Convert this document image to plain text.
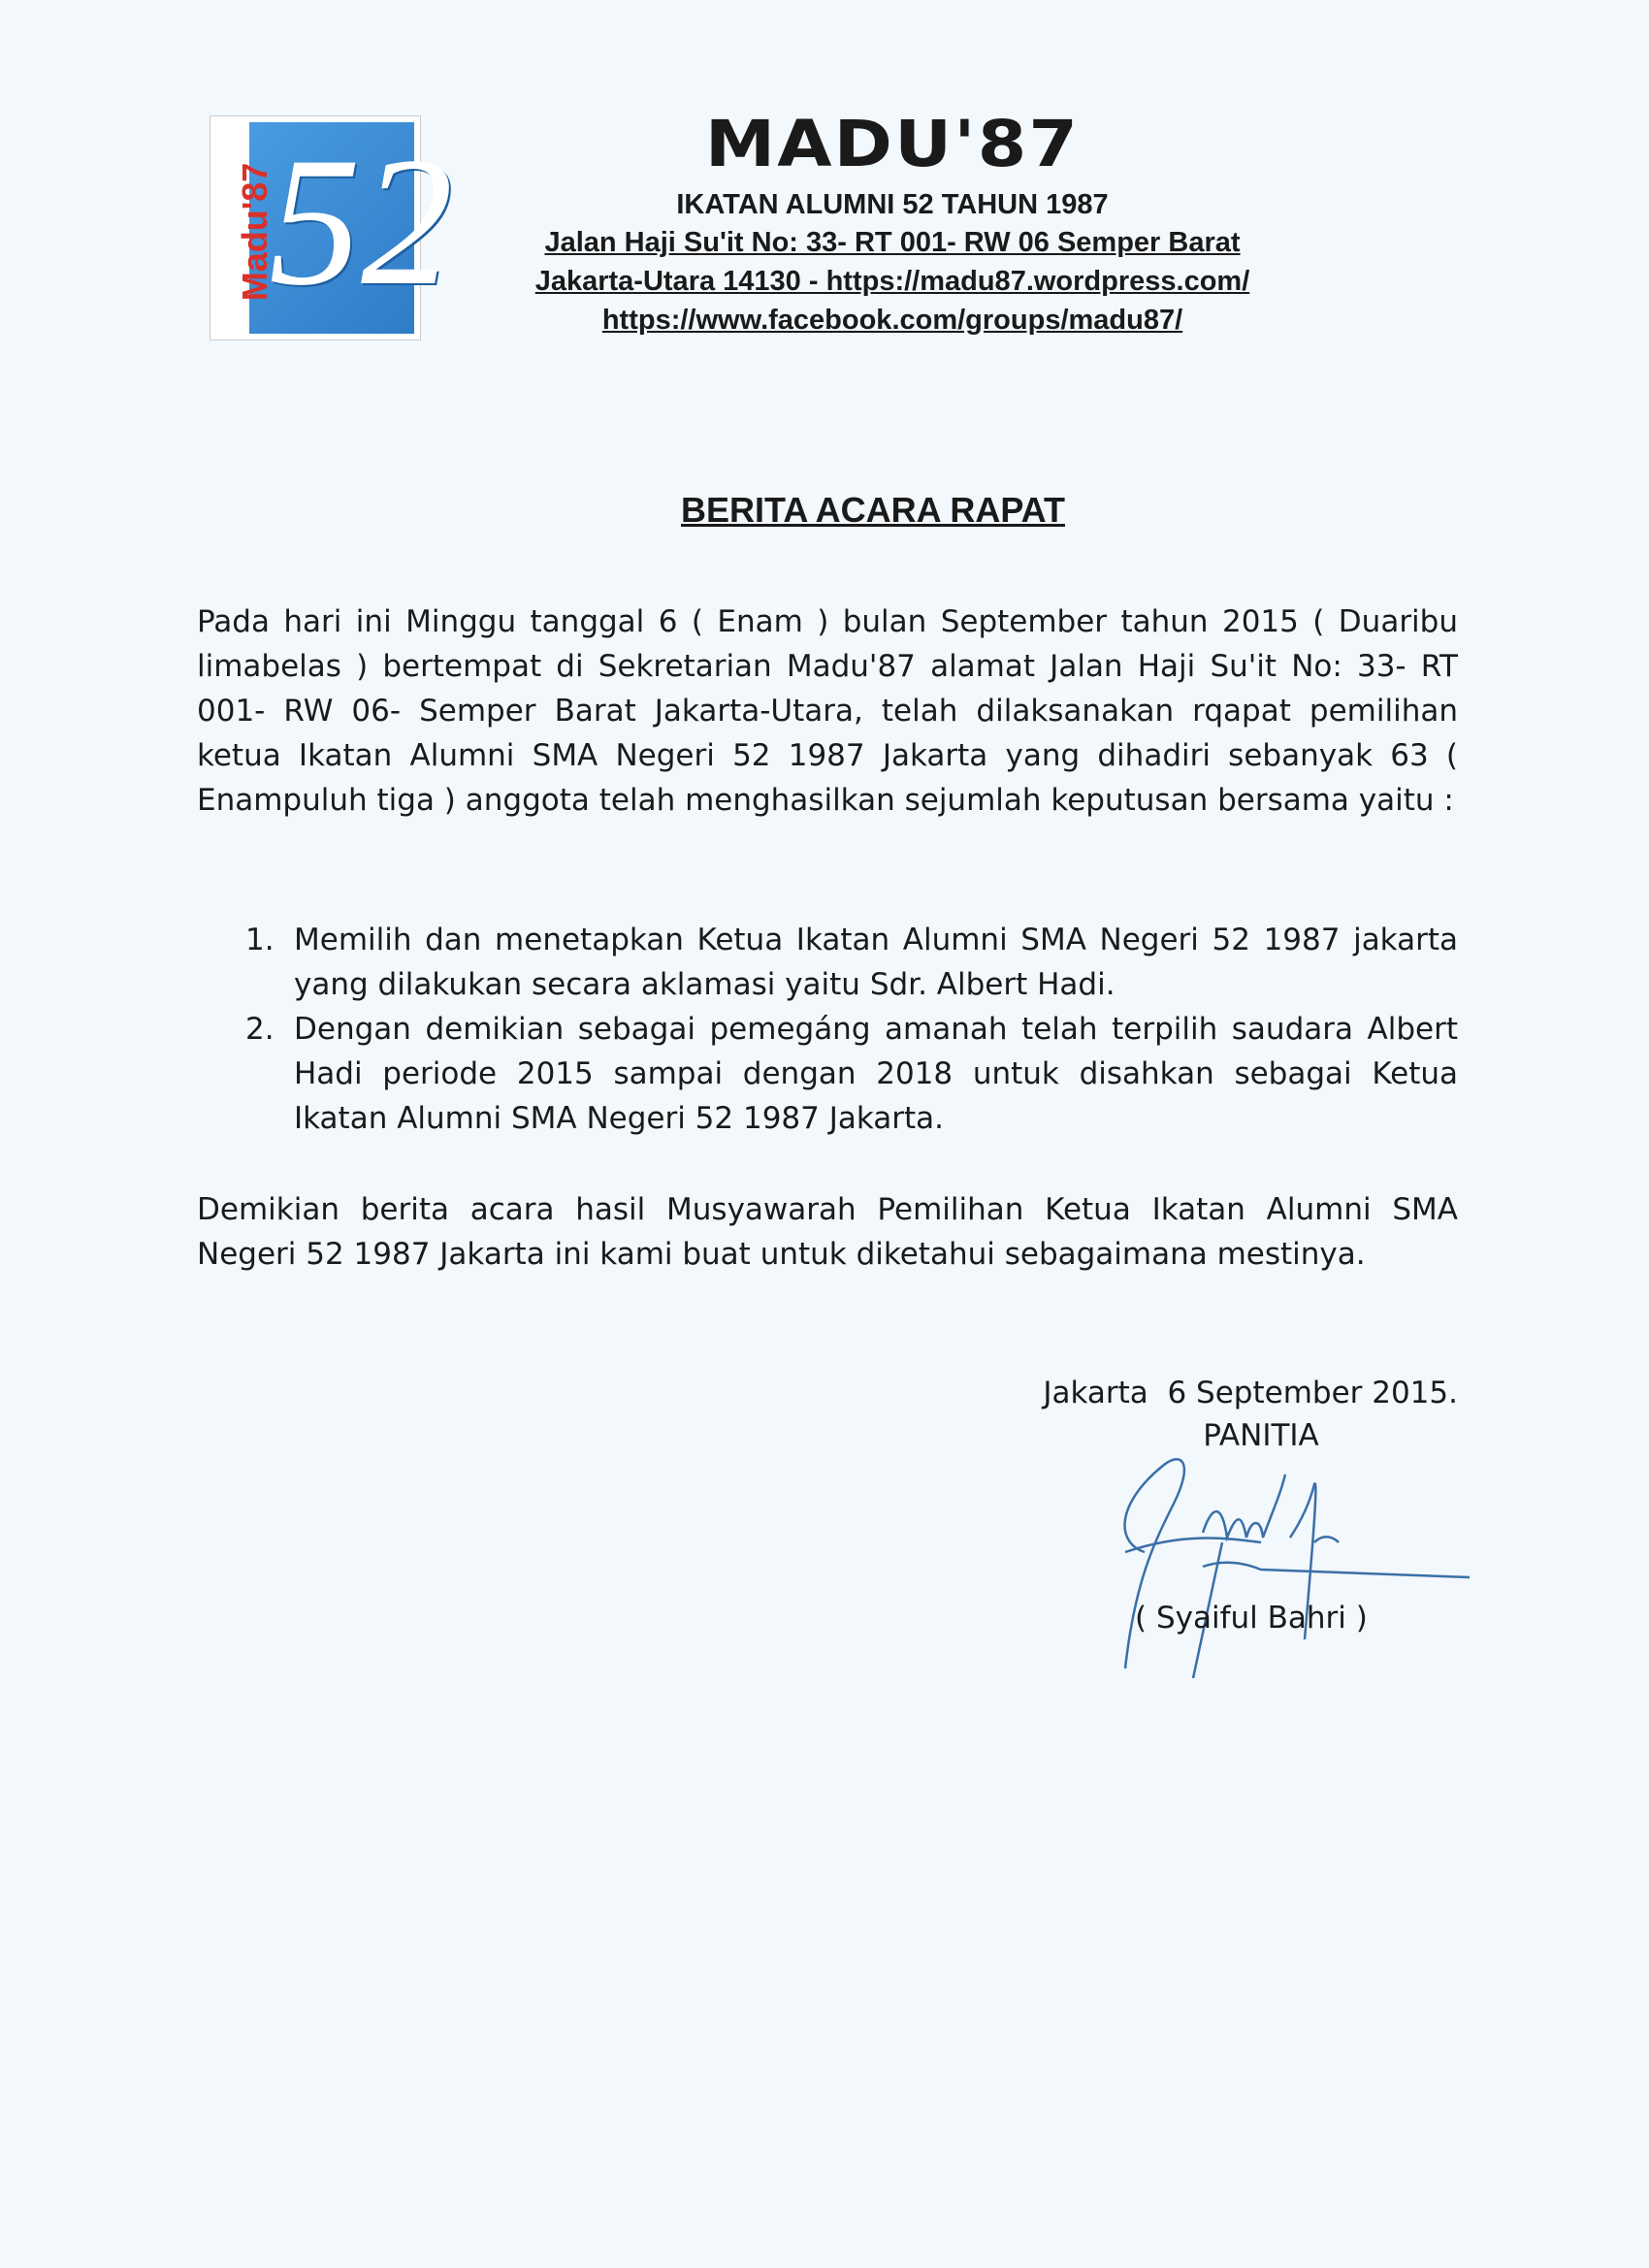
52
Madu'87
MADU'87
IKATAN ALUMNI 52 TAHUN 1987
Jalan Haji Su'it No: 33- RT 001- RW 06 Semper Barat
Jakarta-Utara 14130 - https://madu87.wordpress.com/
https://www.facebook.com/groups/madu87/
BERITA ACARA RAPAT
Pada hari ini Minggu tanggal 6 ( Enam ) bulan September tahun 2015 ( Duaribu limabelas ) bertempat di Sekretarian Madu'87 alamat Jalan Haji Su'it No: 33- RT 001- RW 06- Semper Barat Jakarta-Utara, telah dilaksanakan rqapat pemilihan ketua Ikatan Alumni SMA Negeri 52 1987 Jakarta yang dihadiri sebanyak 63 ( Enampuluh tiga ) anggota telah menghasilkan sejumlah keputusan bersama yaitu :
1. Memilih dan menetapkan Ketua Ikatan Alumni SMA Negeri 52 1987 jakarta yang dilakukan secara aklamasi yaitu Sdr. Albert Hadi.
2. Dengan demikian sebagai pemegáng amanah telah terpilih saudara Albert Hadi periode 2015 sampai dengan 2018 untuk disahkan sebagai Ketua Ikatan Alumni SMA Negeri 52 1987 Jakarta.
Demikian berita acara hasil Musyawarah Pemilihan Ketua Ikatan Alumni SMA Negeri 52 1987 Jakarta ini kami buat untuk diketahui sebagaimana mestinya.
Jakarta  6 September 2015.
PANITIA
( Syaiful Bahri )
